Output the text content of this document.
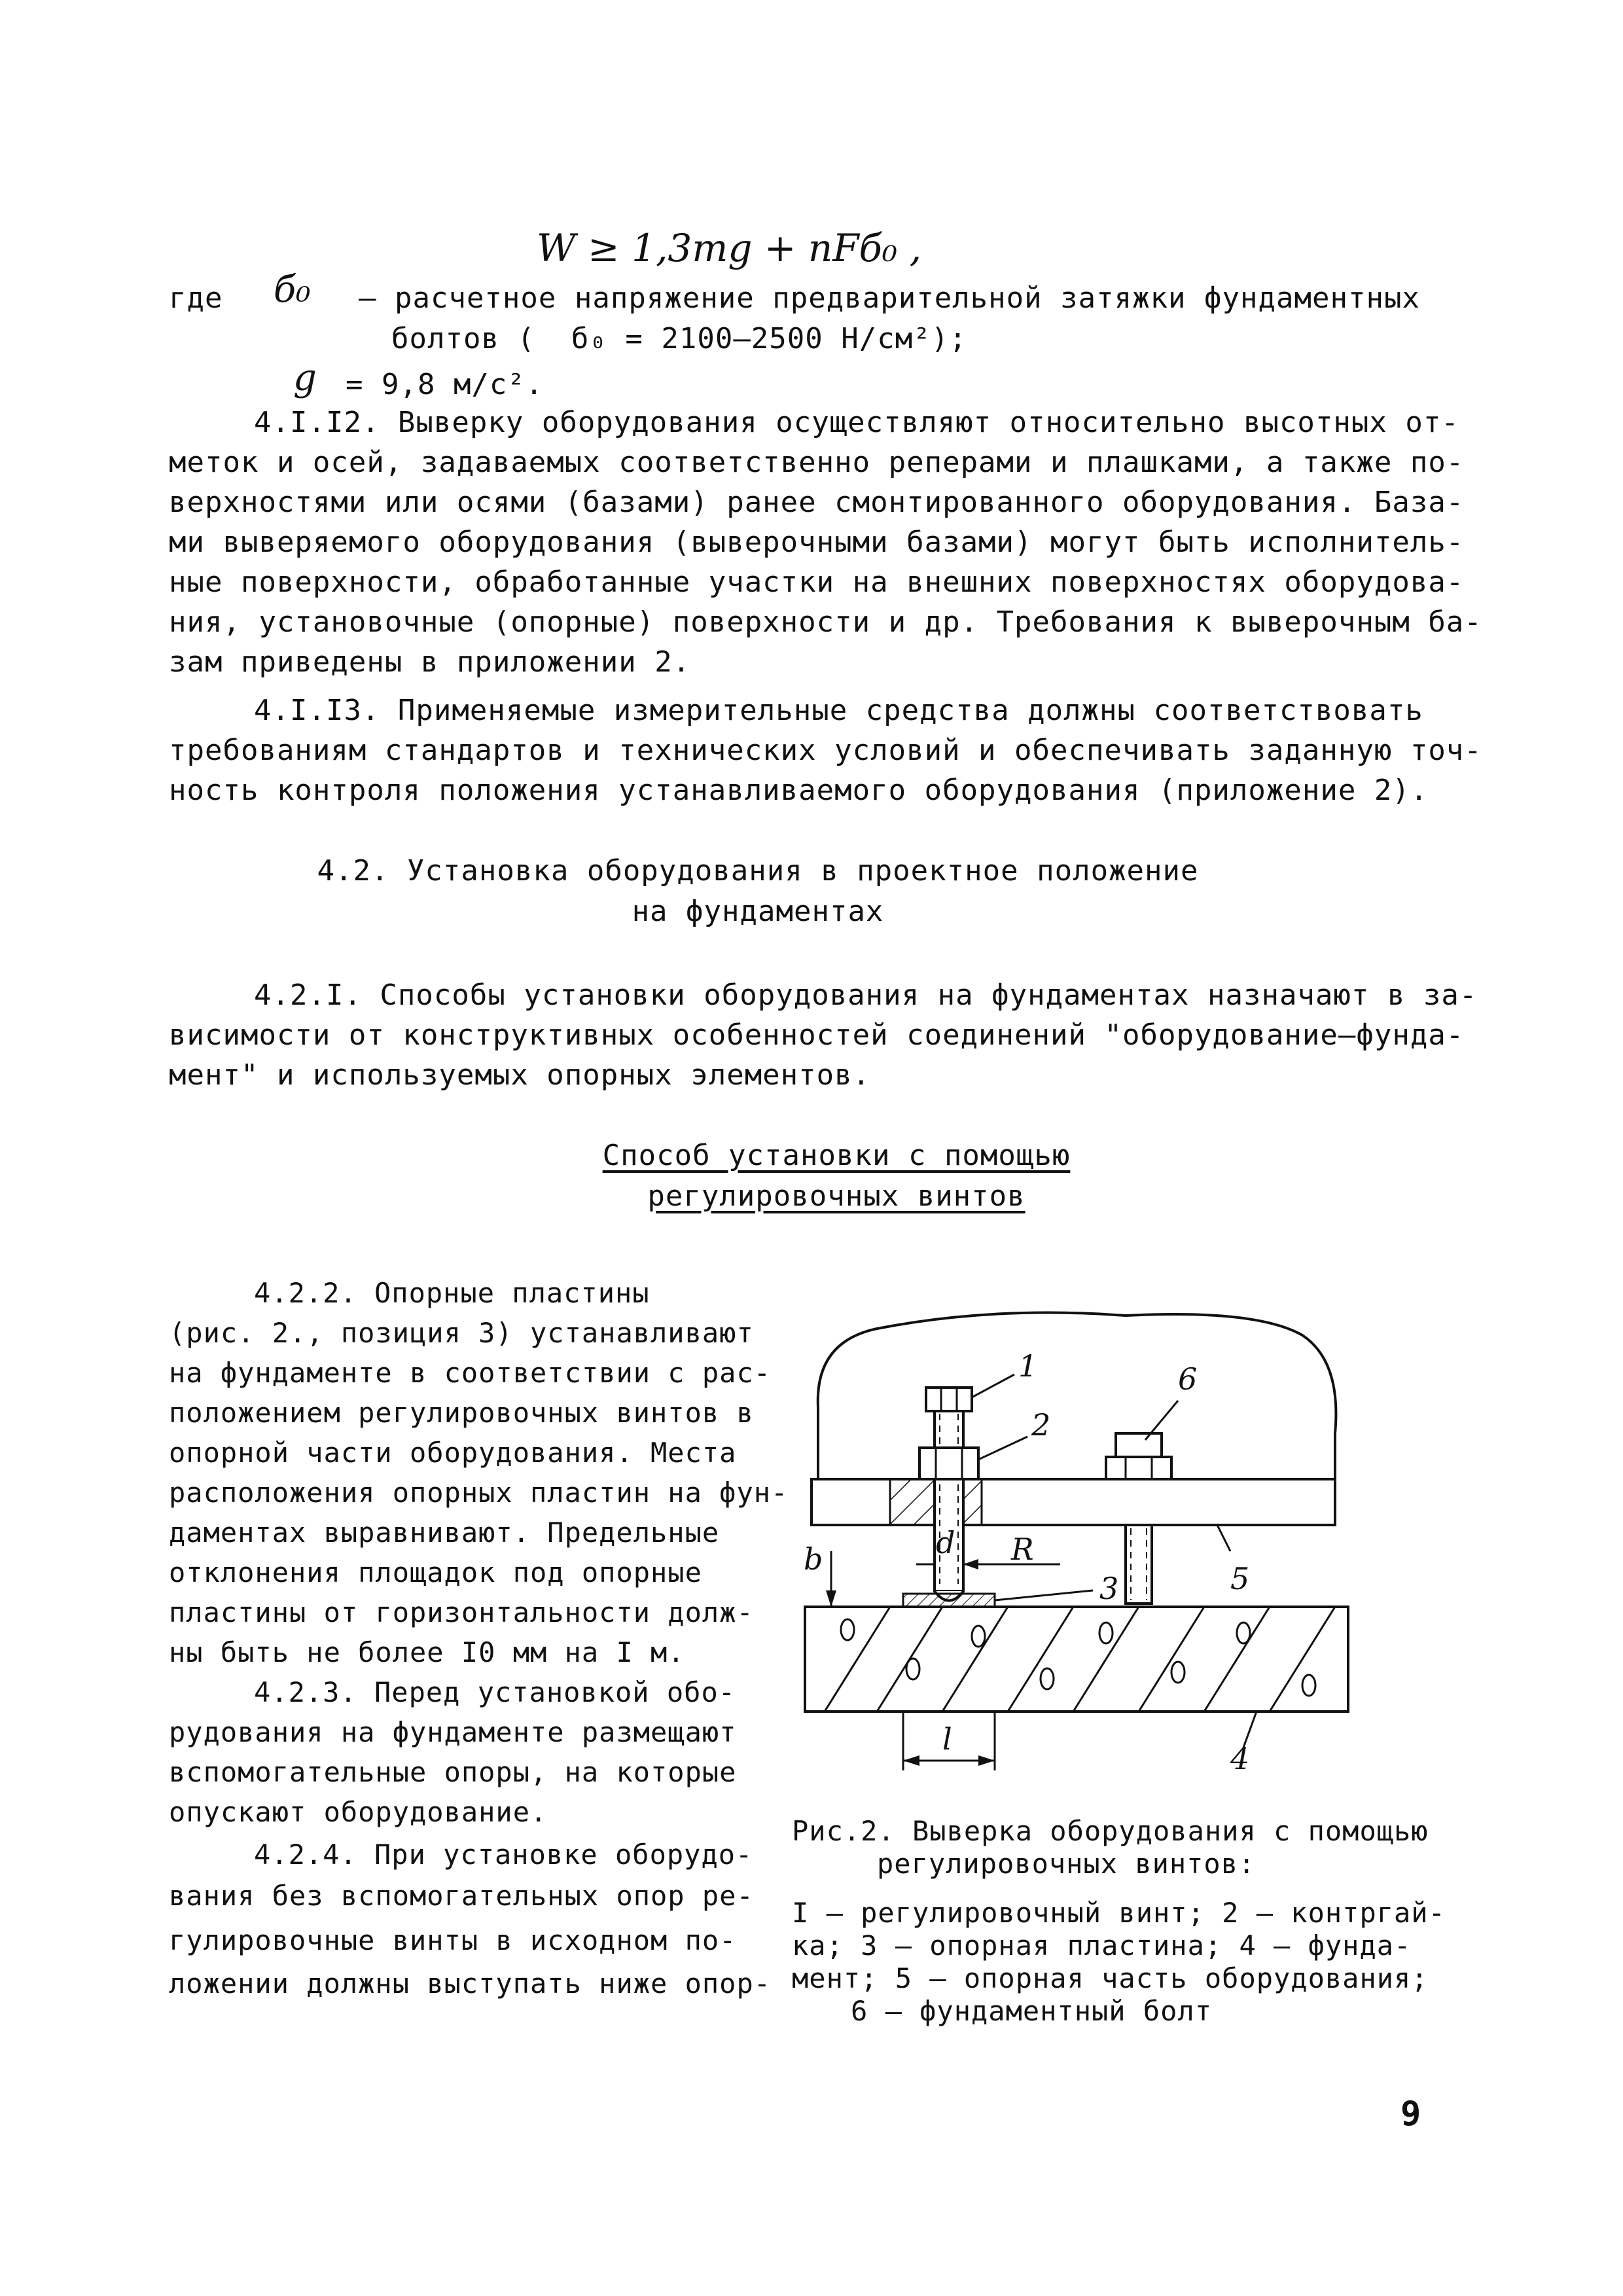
W ≥ 1,3mg + nFб₀ ,
где б₀ – расчетное напряжение предварительной затяжки фундаментных
болтов (  б₀ = 2100–2500 Н/см²);
g = 9,8 м/с².
4.I.I2. Выверку оборудования осуществляют относительно высотных от-
меток и осей, задаваемых соответственно реперами и плашками, а также по-
верхностями или осями (базами) ранее смонтированного оборудования. База-
ми выверяемого оборудования (выверочными базами) могут быть исполнитель-
ные поверхности, обработанные участки на внешних поверхностях оборудова-
ния, установочные (опорные) поверхности и др. Требования к выверочным ба-
зам приведены в приложении 2.
4.I.I3. Применяемые измерительные средства должны соответствовать
требованиям стандартов и технических условий и обеспечивать заданную точ-
ность контроля положения устанавливаемого оборудования (приложение 2).
4.2. Установка оборудования в проектное положение
на фундаментах
4.2.I. Способы установки оборудования на фундаментах назначают в за-
висимости от конструктивных особенностей соединений "оборудование–фунда-
мент" и используемых опорных элементов.
Способ установки с помощью
регулировочных винтов
4.2.2. Опорные пластины
(рис. 2., позиция 3) устанавливают
на фундаменте в соответствии с рас-
положением регулировочных винтов в
опорной части оборудования. Места
расположения опорных пластин на фун-
даментах выравнивают. Предельные
отклонения площадок под опорные
пластины от горизонтальности долж-
ны быть не более I0 мм на I м.
4.2.3. Перед установкой обо-
рудования на фундаменте размещают
вспомогательные опоры, на которые
опускают оборудование.
4.2.4. При установке оборудо-
вания без вспомогательных опор ре-
гулировочные винты в исходном по-
ложении должны выступать ниже опор-
1
2
3
4
5
6
d R
b
l
Рис.2. Выверка оборудования с помощью
регулировочных винтов:
I – регулировочный винт; 2 – контргай-
ка; 3 – опорная пластина; 4 – фунда-
мент; 5 – опорная часть оборудования;
6 – фундаментный болт
9
